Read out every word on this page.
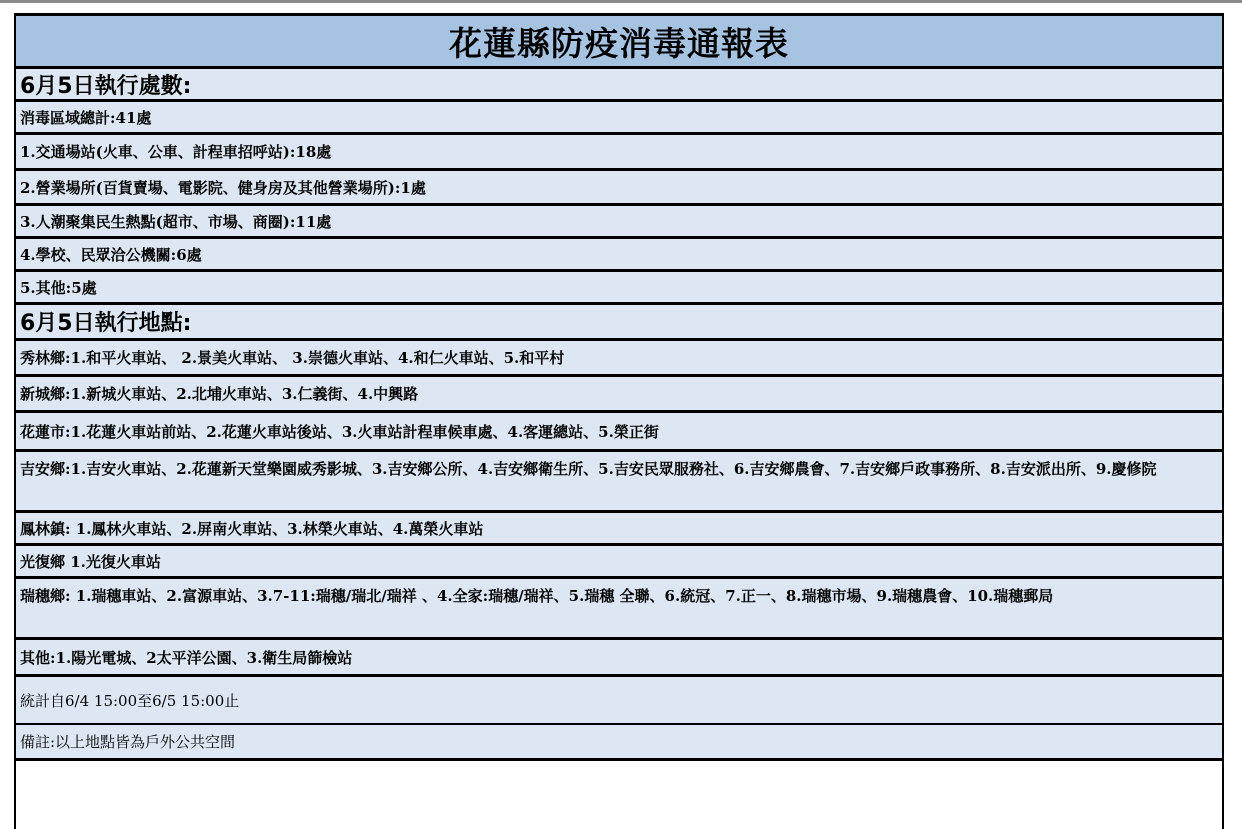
花蓮縣防疫消毒通報表
6月5日執行處數:
消毒區域總計:41處
1.交通場站(火車、公車、計程車招呼站):18處
2.營業場所(百貨賣場、電影院、健身房及其他營業場所):1處
3.人潮聚集民生熱點(超市、市場、商圈):11處
4.學校、民眾洽公機關:6處
5.其他:5處
6月5日執行地點:
秀林鄉:1.和平火車站、 2.景美火車站、 3.崇德火車站、4.和仁火車站、5.和平村
新城鄉:1.新城火車站、2.北埔火車站、3.仁義街、4.中興路
花蓮市:1.花蓮火車站前站、2.花蓮火車站後站、3.火車站計程車候車處、4.客運總站、5.榮正街
吉安鄉:1.吉安火車站、2.花蓮新天堂樂園威秀影城、3.吉安鄉公所、4.吉安鄉衛生所、5.吉安民眾服務社、6.吉安鄉農會、7.吉安鄉戶政事務所、8.吉安派出所、9.慶修院
鳳林鎮: 1.鳳林火車站、2.屏南火車站、3.林榮火車站、4.萬榮火車站
光復鄉 1.光復火車站
瑞穗鄉: 1.瑞穗車站、2.富源車站、3.7-11:瑞穗/瑞北/瑞祥 、4.全家:瑞穗/瑞祥、5.瑞穗 全聯、6.統冠、7.正一、8.瑞穗市場、9.瑞穗農會、10.瑞穗郵局
其他:1.陽光電城、2太平洋公園、3.衛生局篩檢站
統計自6/4 15:00至6/5 15:00止
備註:以上地點皆為戶外公共空間
